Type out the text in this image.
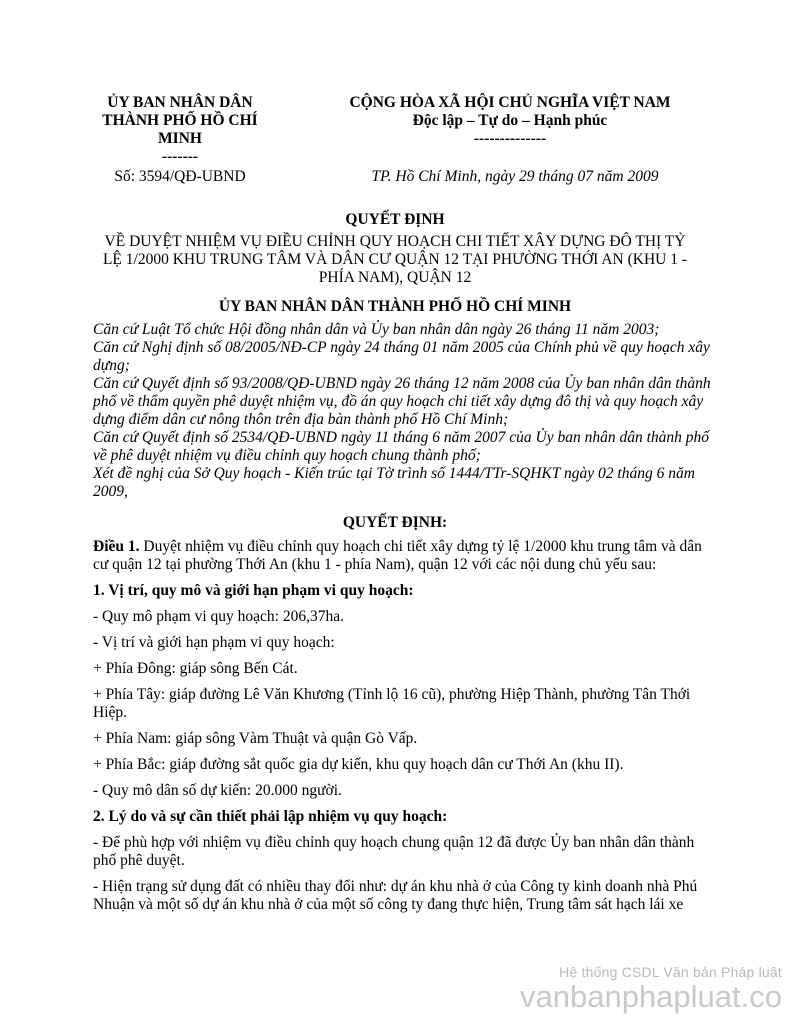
ỦY BAN NHÂN DÂN
THÀNH PHỐ HỒ CHÍ
MINH
-------
Số: 3594/QĐ-UBND
CỘNG HÒA XÃ HỘI CHỦ NGHĨA VIỆT NAM
Độc lập – Tự do – Hạnh phúc
--------------
TP. Hồ Chí Minh, ngày 29 tháng 07 năm 2009
QUYẾT ĐỊNH
VỀ DUYỆT NHIỆM VỤ ĐIỀU CHỈNH QUY HOẠCH CHI TIẾT XÂY DỰNG ĐÔ THỊ TỶ
LỆ 1/2000 KHU TRUNG TÂM VÀ DÂN CƯ QUẬN 12 TẠI PHƯỜNG THỚI AN (KHU 1 -
PHÍA NAM), QUẬN 12
ỦY BAN NHÂN DÂN THÀNH PHỐ HỒ CHÍ MINH

Căn cứ Luật Tổ chức Hội đồng nhân dân và Ủy ban nhân dân ngày 26 tháng 11 năm 2003;

Căn cứ Nghị định số 08/2005/NĐ-CP ngày 24 tháng 01 năm 2005 của Chính phủ về quy hoạch xây dựng;

Căn cứ Quyết định số 93/2008/QĐ-UBND ngày 26 tháng 12 năm 2008 của Ủy ban nhân dân thành phố về thẩm quyền phê duyệt nhiệm vụ, đồ án quy hoạch chi tiết xây dựng đô thị và quy hoạch xây dựng điểm dân cư nông thôn trên địa bàn thành phố Hồ Chí Minh;

Căn cứ Quyết định số 2534/QĐ-UBND ngày 11 tháng 6 năm 2007 của Ủy ban nhân dân thành phố về phê duyệt nhiệm vụ điều chỉnh quy hoạch chung thành phố;

Xét đề nghị của Sở Quy hoạch - Kiến trúc tại Tờ trình số 1444/TTr-SQHKT ngày 02 tháng 6 năm 2009,

QUYẾT ĐỊNH:

Điều 1. Duyệt nhiệm vụ điều chỉnh quy hoạch chi tiết xây dựng tỷ lệ 1/2000 khu trung tâm và dân cư quận 12 tại phường Thới An (khu 1 - phía Nam), quận 12 với các nội dung chủ yếu sau:

1. Vị trí, quy mô và giới hạn phạm vi quy hoạch:

- Quy mô phạm vi quy hoạch: 206,37ha.

- Vị trí và giới hạn phạm vi quy hoạch:

+ Phía Đông: giáp sông Bến Cát.

+ Phía Tây: giáp đường Lê Văn Khương (Tỉnh lộ 16 cũ), phường Hiệp Thành, phường Tân Thới Hiệp.

+ Phía Nam: giáp sông Vàm Thuật và quận Gò Vấp.

+ Phía Bắc: giáp đường sắt quốc gia dự kiến, khu quy hoạch dân cư Thới An (khu II).

- Quy mô dân số dự kiến: 20.000 người.

2. Lý do và sự cần thiết phải lập nhiệm vụ quy hoạch:

- Để phù hợp với nhiệm vụ điều chỉnh quy hoạch chung quận 12 đã được Ủy ban nhân dân thành phố phê duyệt.

- Hiện trạng sử dụng đất có nhiều thay đổi như: dự án khu nhà ở của Công ty kinh doanh nhà Phú Nhuận và một số dự án khu nhà ở của một số công ty đang thực hiện, Trung tâm sát hạch lái xe

Hệ thống CSDL Văn bản Pháp luật
vanbanphapluat.co
